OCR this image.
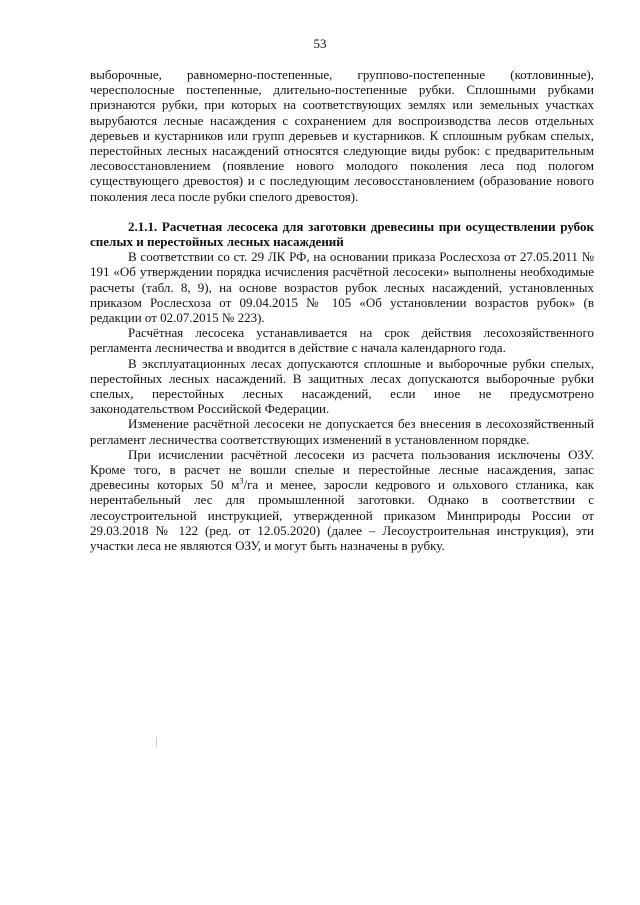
53

выборочные, равномерно-постепенные, группово-постепенные (котловинные), чересполосные постепенные, длительно-постепенные рубки. Сплошными рубками признаются рубки, при которых на соответствующих землях или земельных участках вырубаются лесные насаждения с сохранением для воспроизводства лесов отдельных деревьев и кустарников или групп деревьев и кустарников. К сплошным рубкам спелых, перестойных лесных насаждений относятся следующие виды рубок: с предварительным лесовосстановлением (появление нового молодого поколения леса под пологом существующего древостоя) и с последующим лесовосстановлением (образование нового поколения леса после рубки спелого древостоя).

2.1.1. Расчетная лесосека для заготовки древесины при осуществлении рубок спелых и перестойных лесных насаждений

В соответствии со ст. 29 ЛК РФ, на основании приказа Рослесхоза от 27.05.2011 № 191 «Об утверждении порядка исчисления расчётной лесосеки» выполнены необходимые расчеты (табл. 8, 9), на основе возрастов рубок лесных насаждений, установленных приказом Рослесхоза от 09.04.2015 № 105 «Об установлении возрастов рубок» (в редакции от 02.07.2015 № 223).

Расчётная лесосека устанавливается на срок действия лесохозяйственного регламента лесничества и вводится в действие с начала календарного года.

В эксплуатационных лесах допускаются сплошные и выборочные рубки спелых, перестойных лесных насаждений. В защитных лесах допускаются выборочные рубки спелых, перестойных лесных насаждений, если иное не предусмотрено законодательством Российской Федерации.

Изменение расчётной лесосеки не допускается без внесения в лесохозяйственный регламент лесничества соответствующих изменений в установленном порядке.

При исчислении расчётной лесосеки из расчета пользования исключены ОЗУ. Кроме того, в расчет не вошли спелые и перестойные лесные насаждения, запас древесины которых 50 $м^3/га$ и менее, заросли кедрового и ольхового стланика, как нерентабельный лес для промышленной заготовки. Однако в соответствии с лесоустроительной инструкцией, утвержденной приказом Минприроды России от 29.03.2018 № 122 (ред. от 12.05.2020) (далее – Лесоустроительная инструкция), эти участки леса не являются ОЗУ, и могут быть назначены в рубку.
